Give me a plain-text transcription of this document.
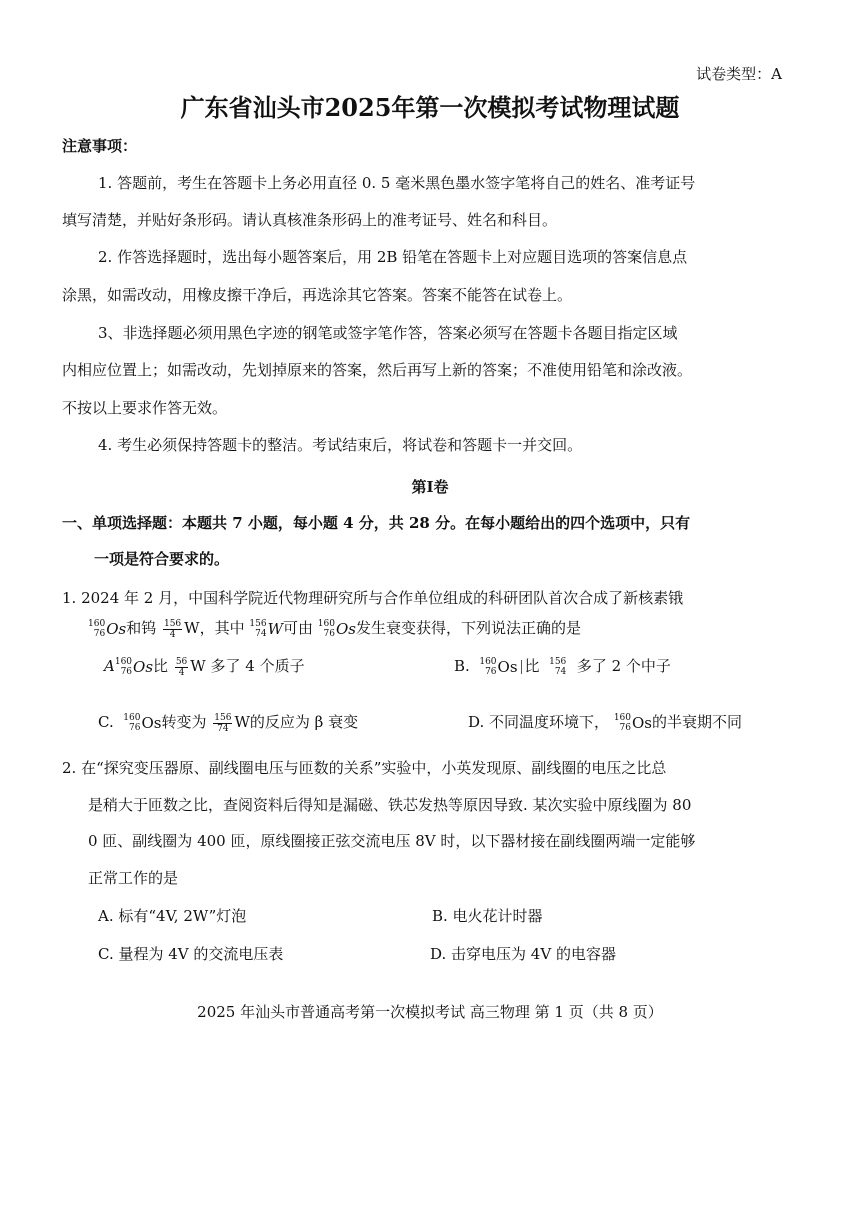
试卷类型：A
广东省汕头市2025年第一次模拟考试物理试题
注意事项：
1. 答题前，考生在答题卡上务必用直径 0. 5 毫米黑色墨水签字笔将自己的姓名、准考证号
填写清楚，并贴好条形码。请认真核准条形码上的准考证号、姓名和科目。
2. 作答选择题时，选出每小题答案后，用 2B 铅笔在答题卡上对应题目选项的答案信息点
涂黑，如需改动，用橡皮擦干净后，再选涂其它答案。答案不能答在试卷上。
3、非选择题必须用黑色字迹的钢笔或签字笔作答，答案必须写在答题卡各题目指定区域
内相应位置上；如需改动，先划掉原来的答案，然后再写上新的答案；不准使用铅笔和涂改液。
不按以上要求作答无效。
4. 考生必须保持答题卡的整洁。考试结束后，将试卷和答题卡一并交回。
第Ⅰ卷
一、单项选择题：本题共 7 小题，每小题 4 分，共 28 分。在每小题给出的四个选项中，只有
一项是符合要求的。
1. 2024 年 2 月，中国科学院近代物理研究所与合作单位组成的科研团队首次合成了新核素锇
160
76 Os 和钨 $\frac{156}{4}$ W，其中 156
74 W 可由 160
76 Os 发生衰变获得，下列说法正确的是
A 160
76 Os 比 $\frac{56}{4}$ W 多了 4 个质子	B. 160
76 Os 比 156
74 多了 2 个中子
C. 160
76 Os 转变为 $\frac{156}{74}$ W的反应为 β 衰变	D. 不同温度环境下， 160
76 Os 的半衰期不同
2. 在“探究变压器原、副线圈电压与匝数的关系”实验中，小英发现原、副线圈的电压之比总
是稍大于匝数之比，查阅资料后得知是漏磁、铁芯发热等原因导致. 某次实验中原线圈为 80
0 匝、副线圈为 400 匝，原线圈接正弦交流电压 8V 时，以下器材接在副线圈两端一定能够
正常工作的是
A. 标有“4V, 2W”灯泡	B. 电火花计时器
C. 量程为 4V 的交流电压表	D. 击穿电压为 4V 的电容器
2025 年汕头市普通高考第一次模拟考试 高三物理 第 1 页（共 8 页）
